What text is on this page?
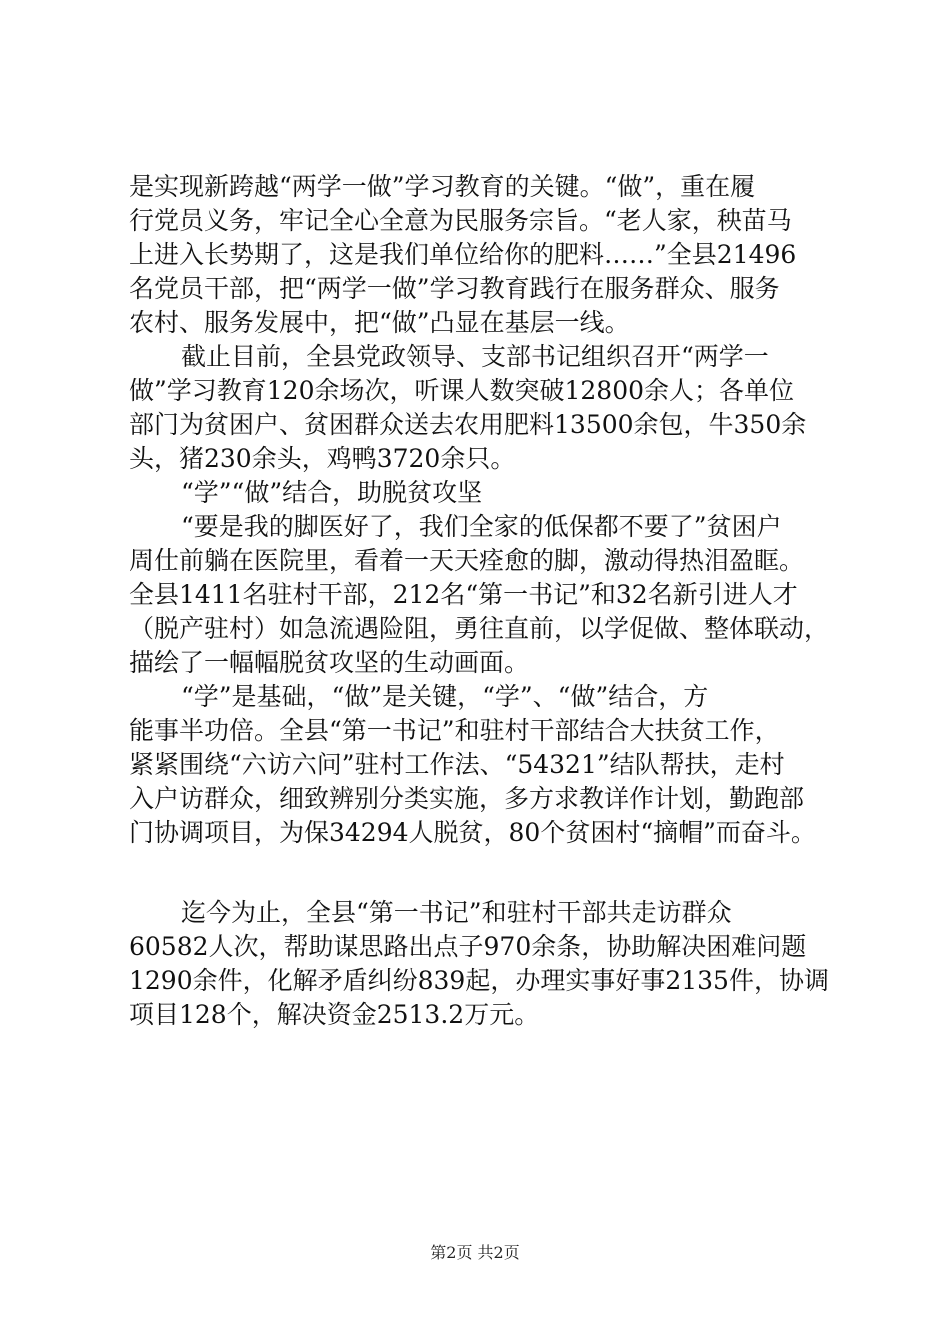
是实现新跨越“两学一做”学习教育的关键。“做”，重在履
行党员义务，牢记全心全意为民服务宗旨。“老人家，秧苗马
上进入长势期了，这是我们单位给你的肥料……”全县21496
名党员干部，把“两学一做”学习教育践行在服务群众、服务
农村、服务发展中，把“做”凸显在基层一线。
截止目前，全县党政领导、支部书记组织召开“两学一
做”学习教育120余场次，听课人数突破12800余人；各单位
部门为贫困户、贫困群众送去农用肥料13500余包，牛350余
头，猪230余头，鸡鸭3720余只。
“学”“做”结合，助脱贫攻坚
“要是我的脚医好了，我们全家的低保都不要了”贫困户
周仕前躺在医院里，看着一天天痊愈的脚，激动得热泪盈眶。
全县1411名驻村干部，212名“第一书记”和32名新引进人才
（脱产驻村）如急流遇险阻，勇往直前，以学促做、整体联动，
描绘了一幅幅脱贫攻坚的生动画面。
“学”是基础，“做”是关键，“学”、“做”结合，方
能事半功倍。全县“第一书记”和驻村干部结合大扶贫工作，
紧紧围绕“六访六问”驻村工作法、“54321”结队帮扶，走村
入户访群众，细致辨别分类实施，多方求教详作计划，勤跑部
门协调项目，为保34294人脱贫，80个贫困村“摘帽”而奋斗。
迄今为止，全县“第一书记”和驻村干部共走访群众
60582人次，帮助谋思路出点子970余条，协助解决困难问题
1290余件，化解矛盾纠纷839起，办理实事好事2135件，协调
项目128个，解决资金2513.2万元。
第2页 共2页
